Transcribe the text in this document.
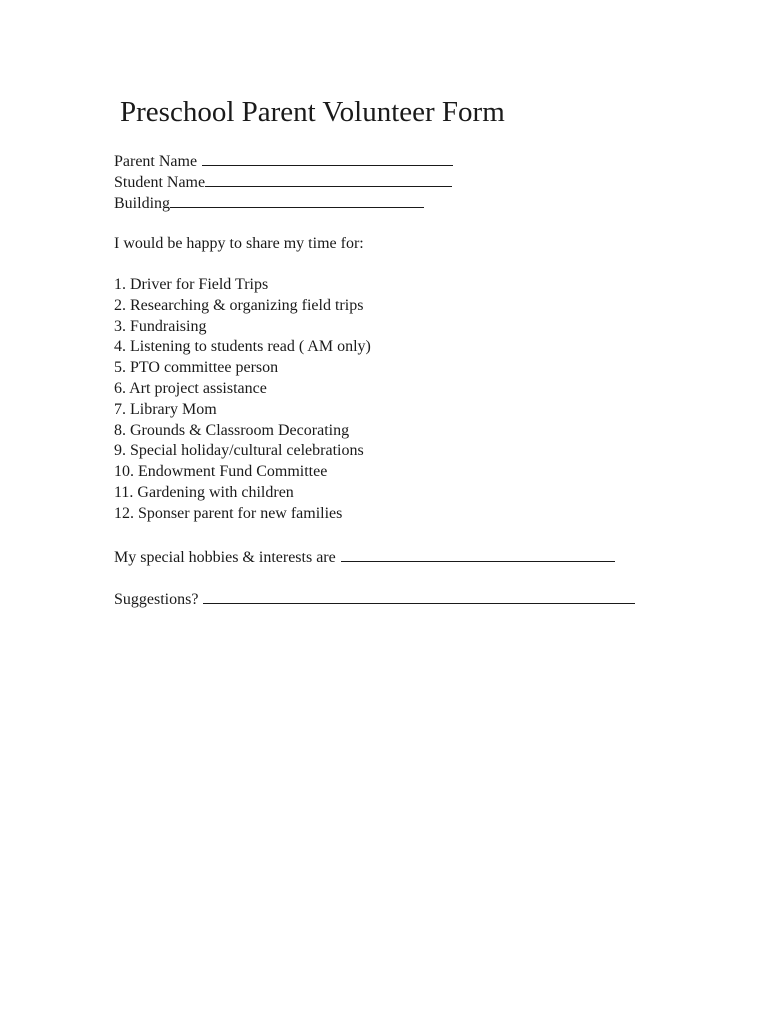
Preschool Parent Volunteer Form
Parent Name
Student Name
Building

I would be happy to share my time for:

1. Driver for Field Trips
2. Researching & organizing field trips
3. Fundraising
4. Listening to students read ( AM only)
5. PTO committee person
6. Art project assistance
7. Library Mom
8. Grounds & Classroom Decorating
9. Special holiday/cultural celebrations
10. Endowment Fund Committee
11. Gardening with children
12. Sponser parent for new families
My special hobbies & interests are
Suggestions?
